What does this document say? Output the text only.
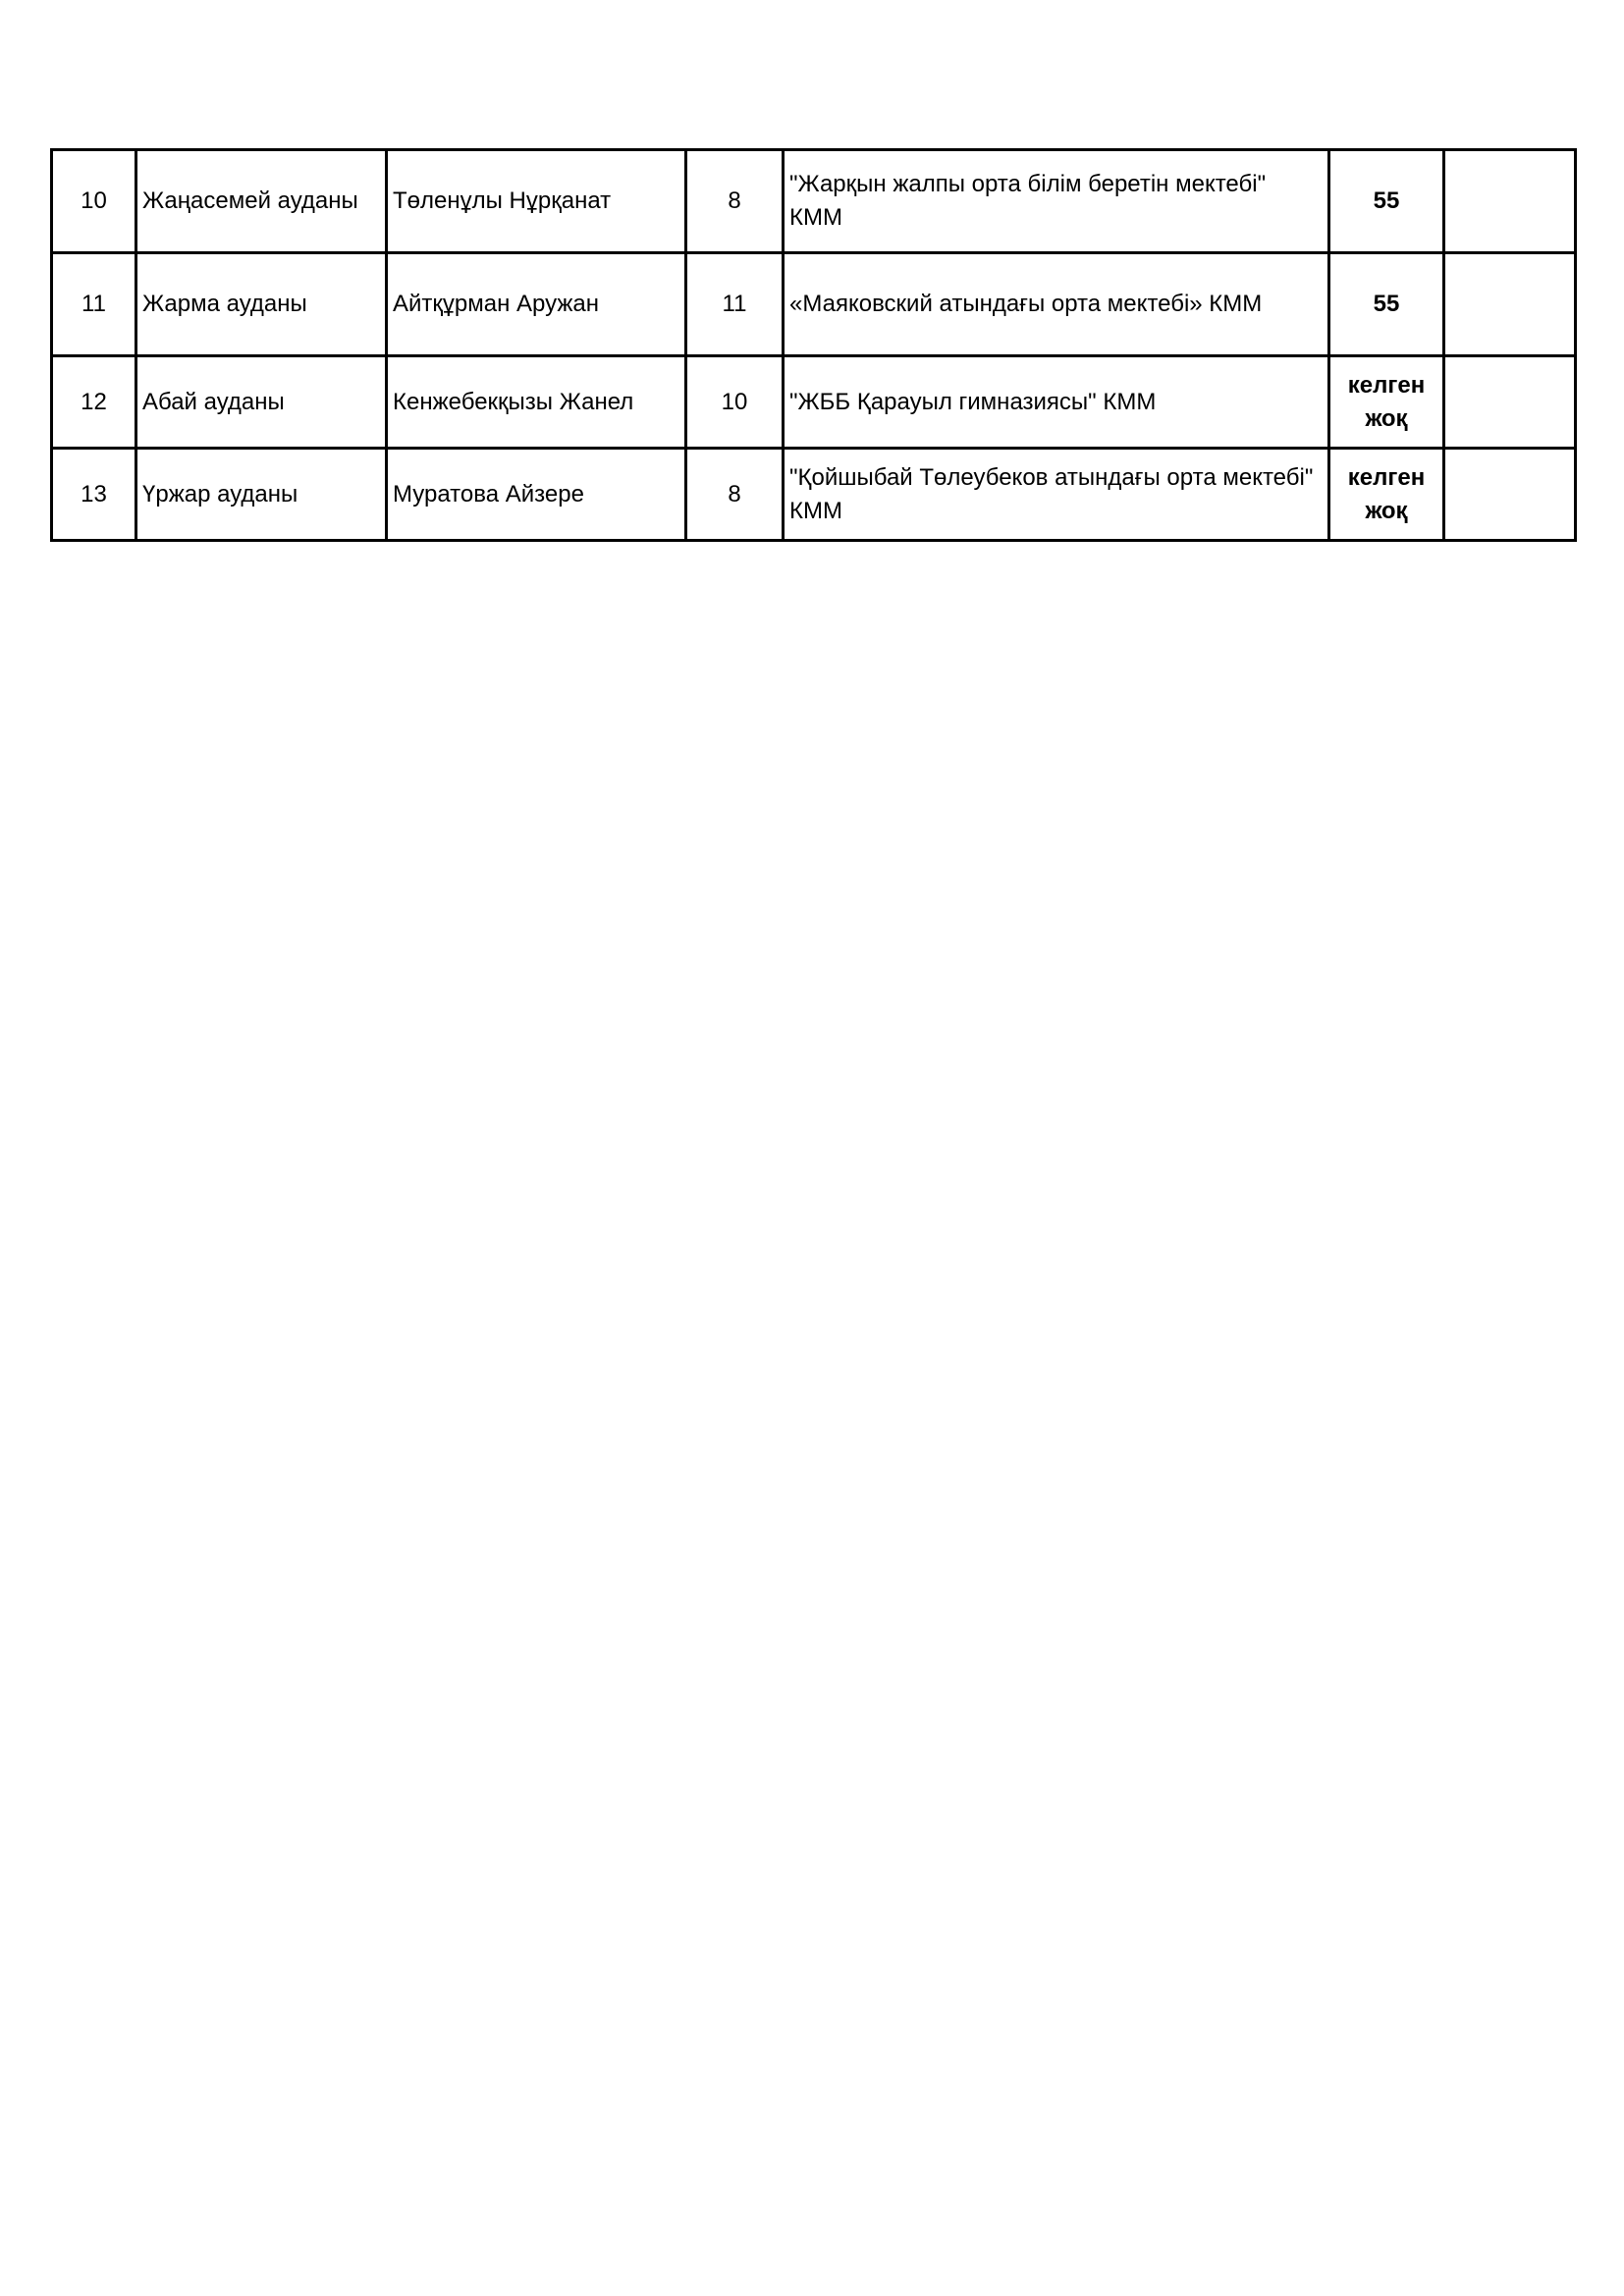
10	Жаңасемей ауданы	Төленұлы Нұрқанат	8	"Жарқын жалпы орта білім беретін мектебі" КММ	55	
11	Жарма ауданы	Айтқұрман Аружан	11	«Маяковский атындағы орта мектебі» КММ	55	
12	Абай ауданы	Кенжебекқызы Жанел	10	"ЖББ Қарауыл гимназиясы" КММ	келген жоқ	
13	Үржар ауданы	Муратова Айзере	8	"Қойшыбай Төлеубеков атындағы орта мектебі" КММ	келген жоқ	
